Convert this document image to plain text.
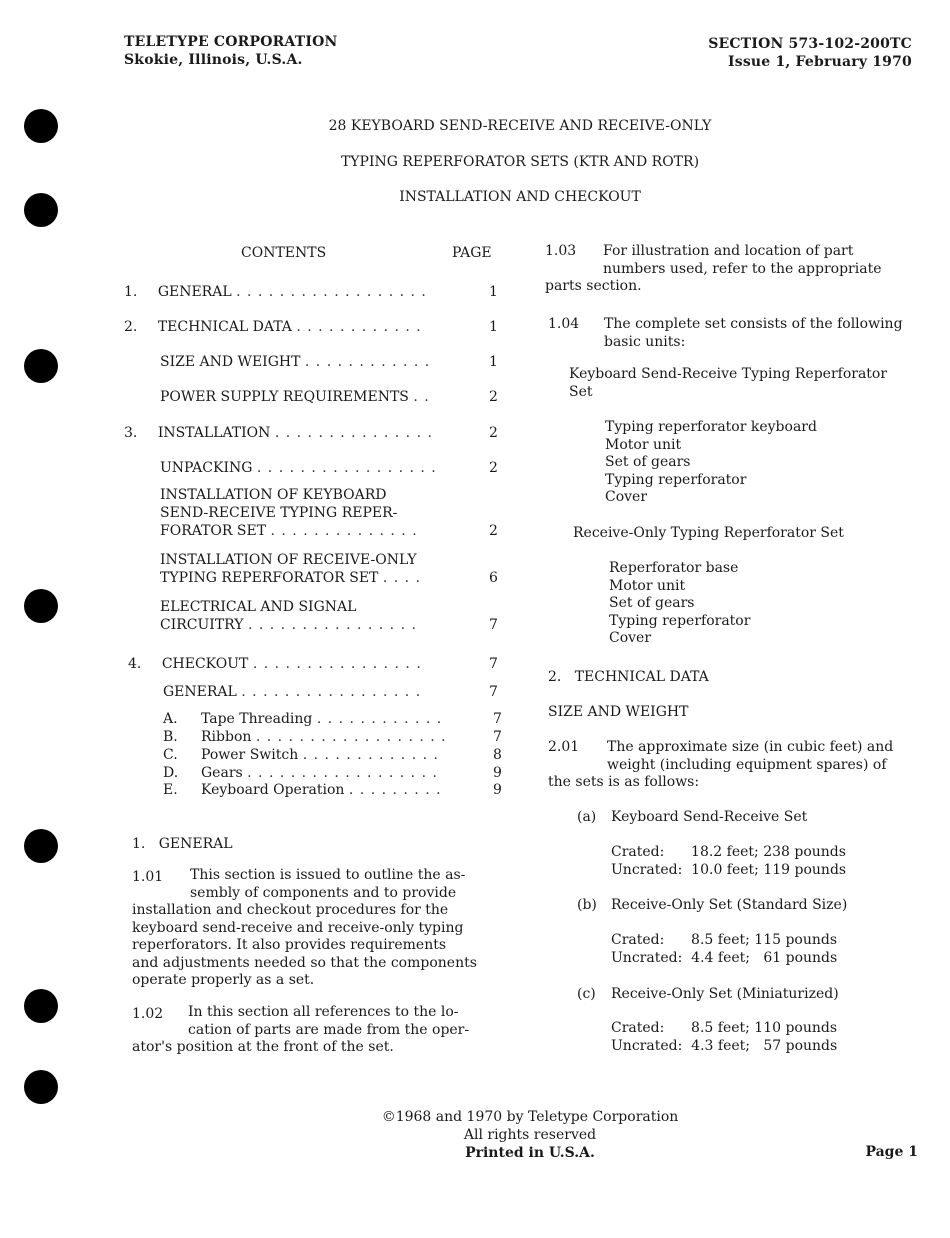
TELETYPE CORPORATION
Skokie, Illinois, U.S.A.
SECTION 573-102-200TC
Issue 1, February 1970
28 KEYBOARD SEND-RECEIVE AND RECEIVE-ONLY
TYPING REPERFORATOR SETS (KTR AND ROTR)
INSTALLATION AND CHECKOUT
CONTENTS	PAGE
1. GENERAL . . . . . . . . . . . . . . . . . .	1
2. TECHNICAL DATA . . . . . . . . . . . .	1
SIZE AND WEIGHT . . . . . . . . . . . .	1
POWER SUPPLY REQUIREMENTS . .	2
3. INSTALLATION . . . . . . . . . . . . . . .	2
UNPACKING . . . . . . . . . . . . . . . . .	2
INSTALLATION OF KEYBOARD
SEND-RECEIVE TYPING REPER-
FORATOR SET . . . . . . . . . . . . . .	2
INSTALLATION OF RECEIVE-ONLY
TYPING REPERFORATOR SET . . . .	6
ELECTRICAL AND SIGNAL
CIRCUITRY . . . . . . . . . . . . . . . .	7
4. CHECKOUT . . . . . . . . . . . . . . . .	7
GENERAL . . . . . . . . . . . . . . . . .	7
A. Tape Threading . . . . . . . . . . . .	7
B. Ribbon . . . . . . . . . . . . . . . . . .	7
C. Power Switch . . . . . . . . . . . . .	8
D. Gears . . . . . . . . . . . . . . . . . .	9
E. Keyboard Operation . . . . . . . . .	9
1.   GENERAL
1.01 This section is issued to outline the as-
sembly of components and to provide
installation and checkout procedures for the
keyboard send-receive and receive-only typing
reperforators. It also provides requirements
and adjustments needed so that the components
operate properly as a set.
1.02 In this section all references to the lo-
cation of parts are made from the oper-
ator's position at the front of the set.
1.03 For illustration and location of part
numbers used, refer to the appropriate
parts section.
1.04 The complete set consists of the following
basic units:
Keyboard Send-Receive Typing Reperforator
Set
Typing reperforator keyboard
Motor unit
Set of gears
Typing reperforator
Cover
Receive-Only Typing Reperforator Set
Reperforator base
Motor unit
Set of gears
Typing reperforator
Cover
2.   TECHNICAL DATA
SIZE AND WEIGHT
2.01 The approximate size (in cubic feet) and
weight (including equipment spares) of
the sets is as follows:
(a) Keyboard Send-Receive Set
Crated:      18.2 feet; 238 pounds
Uncrated:  10.0 feet; 119 pounds
(b) Receive-Only Set (Standard Size)
Crated:      8.5 feet; 115 pounds
Uncrated:  4.4 feet;   61 pounds
(c) Receive-Only Set (Miniaturized)
Crated:      8.5 feet; 110 pounds
Uncrated:  4.3 feet;   57 pounds
©1968 and 1970 by Teletype Corporation
All rights reserved
Printed in U.S.A.	Page 1
